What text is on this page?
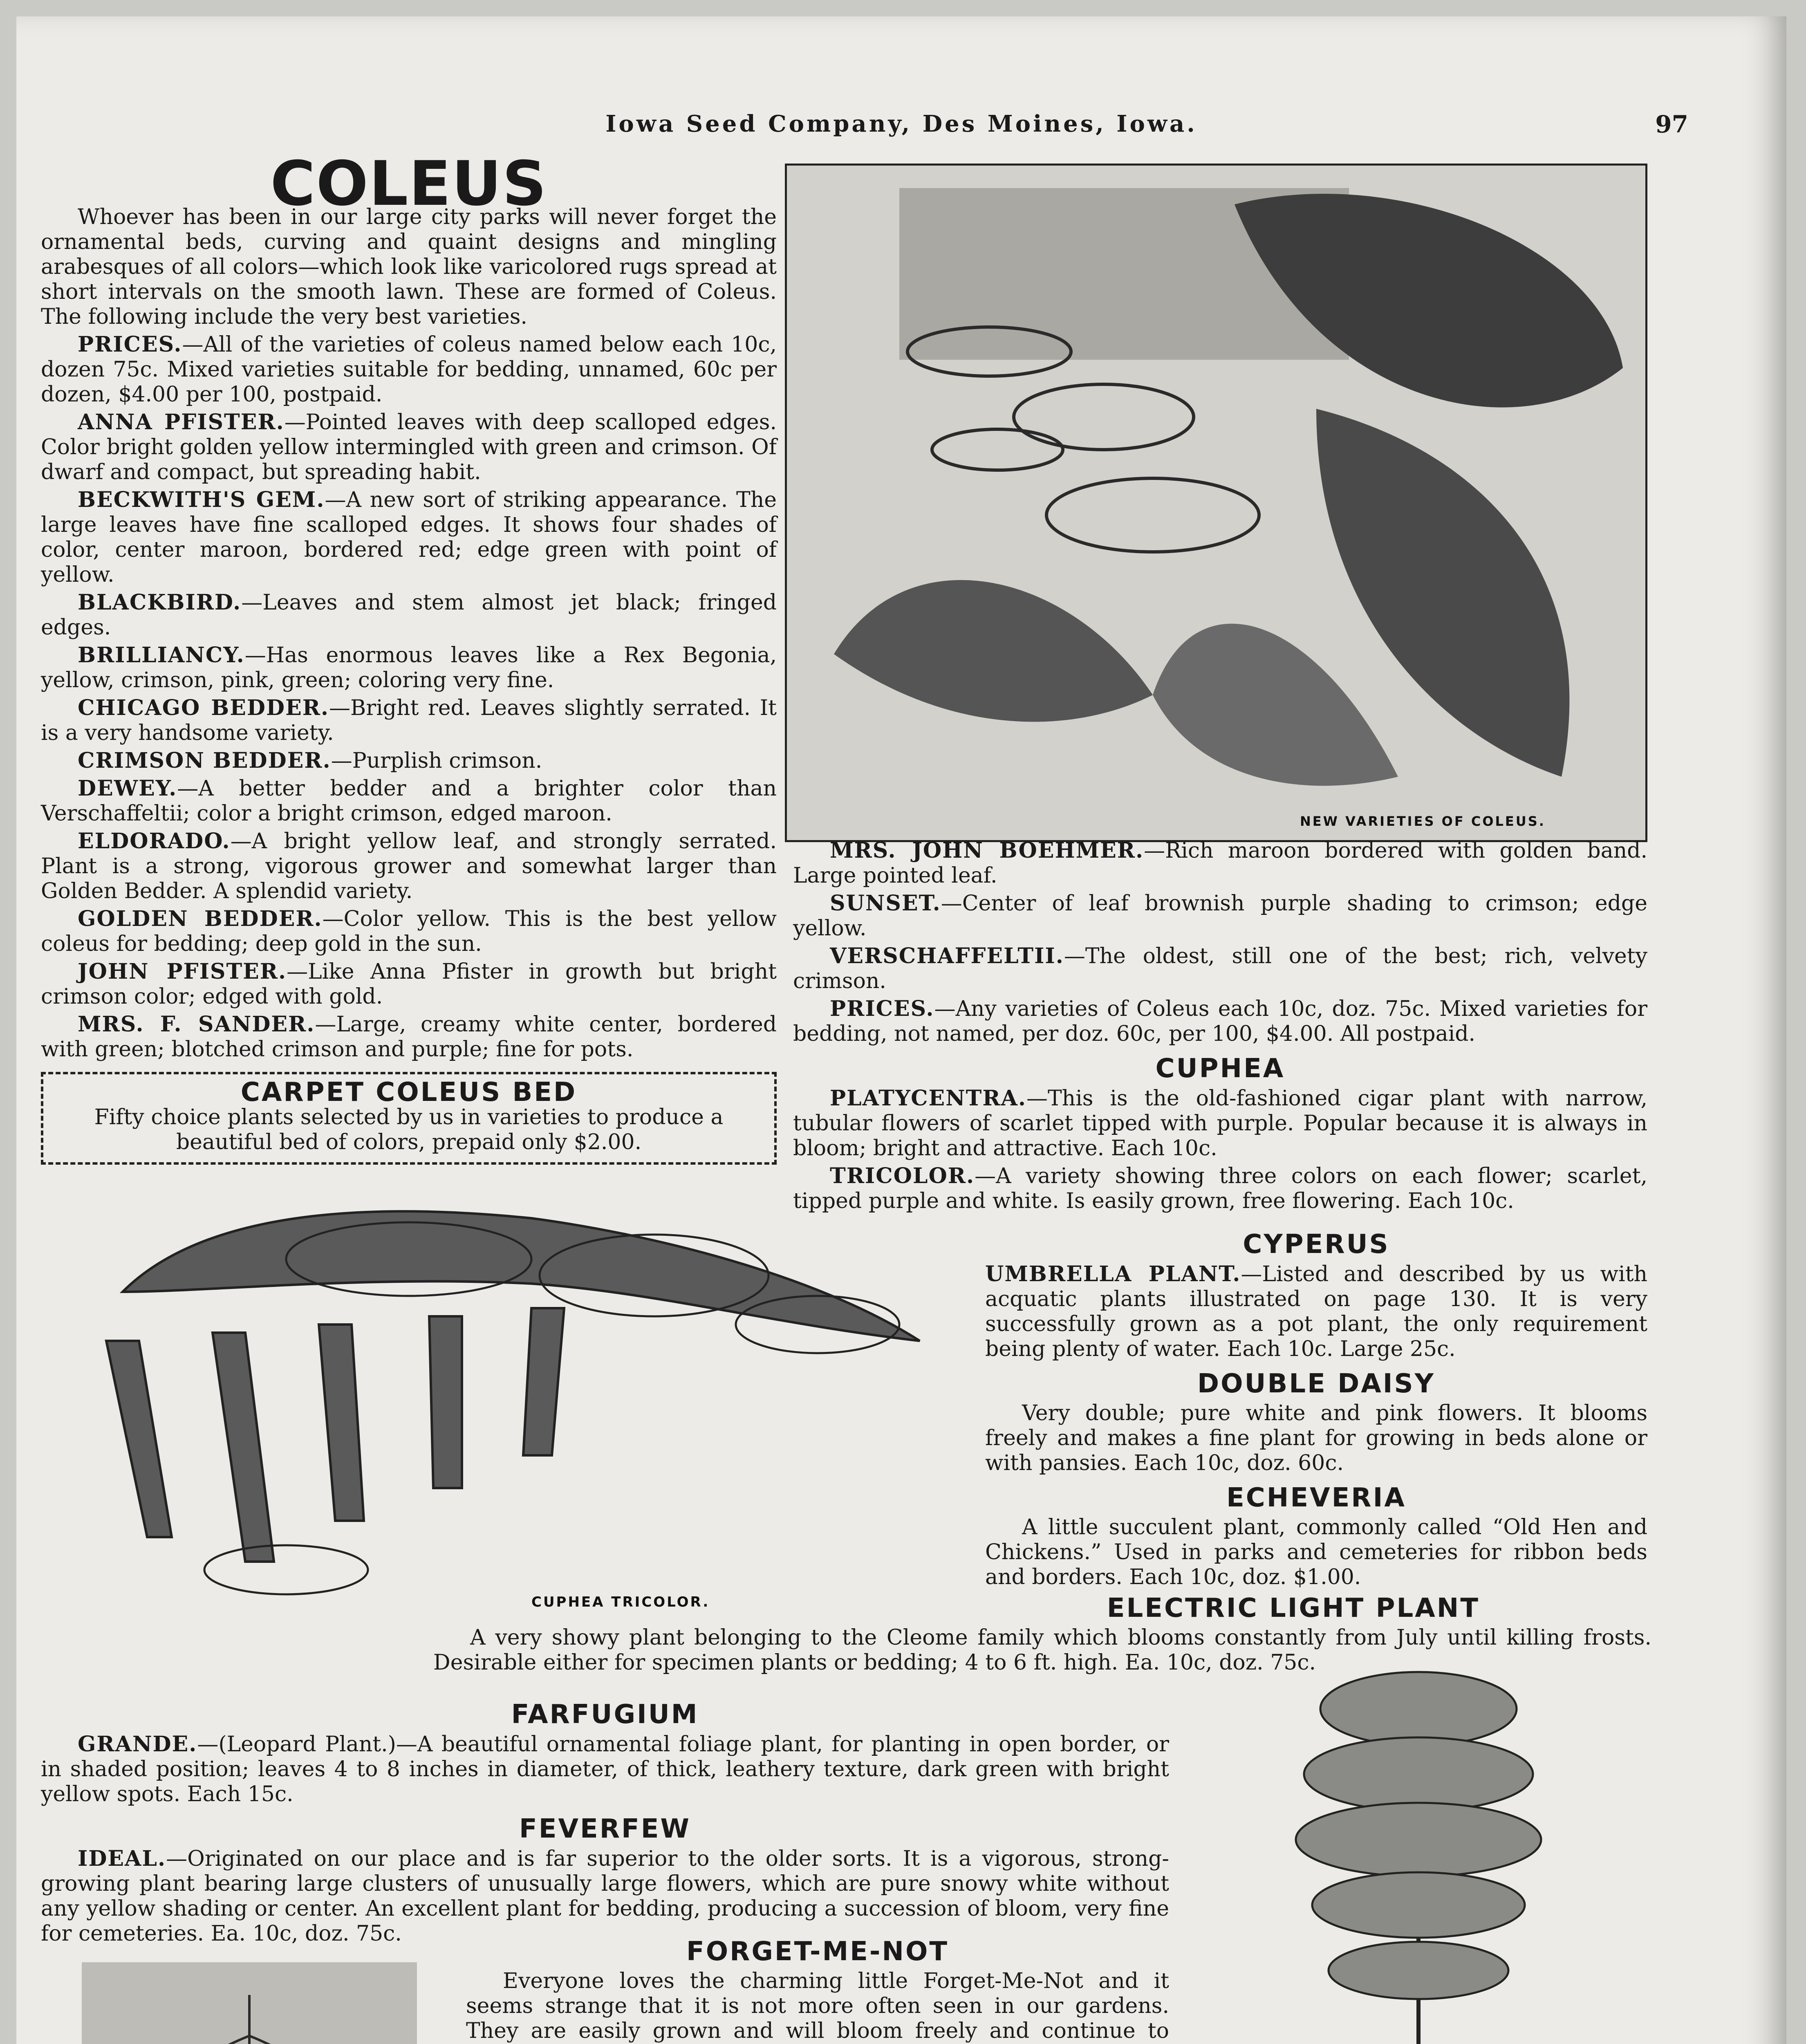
Iowa Seed Company, Des Moines, Iowa.	97
COLEUS

Whoever has been in our large city parks will never forget the ornamental beds, curving and quaint designs and mingling arabesques of all colors—which look like varicolored rugs spread at short intervals on the smooth lawn. These are formed of Coleus. The following include the very best varieties.

PRICES.—All of the varieties of coleus named below each 10c, dozen 75c. Mixed varieties suitable for bedding, unnamed, 60c per dozen, $4.00 per 100, postpaid.

ANNA PFISTER.—Pointed leaves with deep scalloped edges. Color bright golden yellow intermingled with green and crimson. Of dwarf and compact, but spreading habit.

BECKWITH'S GEM.—A new sort of striking appearance. The large leaves have fine scalloped edges. It shows four shades of color, center maroon, bordered red; edge green with point of yellow.

BLACKBIRD.—Leaves and stem almost jet black; fringed edges.

BRILLIANCY.—Has enormous leaves like a Rex Begonia, yellow, crimson, pink, green; coloring very fine.

CHICAGO BEDDER.—Bright red. Leaves slightly serrated. It is a very handsome variety.

CRIMSON BEDDER.—Purplish crimson.

DEWEY.—A better bedder and a brighter color than Verschaffeltii; color a bright crimson, edged maroon.

ELDORADO.—A bright yellow leaf, and strongly serrated. Plant is a strong, vigorous grower and somewhat larger than Golden Bedder. A splendid variety.

GOLDEN BEDDER.—Color yellow. This is the best yellow coleus for bedding; deep gold in the sun.

JOHN PFISTER.—Like Anna Pfister in growth but bright crimson color; edged with gold.

MRS. F. SANDER.—Large, creamy white center, bordered with green; blotched crimson and purple; fine for pots.

CARPET COLEUS BED
Fifty choice plants selected by us in varieties to produce a beautiful bed of colors, prepaid only $2.00.
NEW VARIETIES OF COLEUS.

MRS. JOHN BOEHMER.—Rich maroon bordered with golden band. Large pointed leaf.

SUNSET.—Center of leaf brownish purple shading to crimson; edge yellow.

VERSCHAFFELTII.—The oldest, still one of the best; rich, velvety crimson.

PRICES.—Any varieties of Coleus each 10c, doz. 75c. Mixed varieties for bedding, not named, per doz. 60c, per 100, $4.00. All postpaid.

CUPHEA

PLATYCENTRA.—This is the old-fashioned cigar plant with narrow, tubular flowers of scarlet tipped with purple. Popular because it is always in bloom; bright and attractive. Each 10c.

TRICOLOR.—A variety showing three colors on each flower; scarlet, tipped purple and white. Is easily grown, free flowering. Each 10c.

CYPERUS

UMBRELLA PLANT.—Listed and described by us with acquatic plants illustrated on page 130. It is very successfully grown as a pot plant, the only requirement being plenty of water. Each 10c. Large 25c.

DOUBLE DAISY

Very double; pure white and pink flowers. It blooms freely and makes a fine plant for growing in beds alone or with pansies. Each 10c, doz. 60c.

ECHEVERIA

A little succulent plant, commonly called “Old Hen and Chickens.” Used in parks and cemeteries for ribbon beds and borders. Each 10c, doz. $1.00.

CUPHEA TRICOLOR.	ELECTRIC LIGHT PLANT

A very showy plant belonging to the Cleome family which blooms constantly from July until killing frosts. Desirable either for specimen plants or bedding; 4 to 6 ft. high. Ea. 10c, doz. 75c.

FARFUGIUM

GRANDE.—(Leopard Plant.)—A beautiful ornamental foliage plant, for planting in open border, or in shaded position; leaves 4 to 8 inches in diameter, of thick, leathery texture, dark green with bright yellow spots. Each 15c.

FEVERFEW

IDEAL.—Originated on our place and is far superior to the older sorts. It is a vigorous, strong-growing plant bearing large clusters of unusually large flowers, which are pure snowy white without any yellow shading or center. An excellent plant for bedding, producing a succession of bloom, very fine for cemeteries. Ea. 10c, doz. 75c.

FORGET-ME-NOT

Everyone loves the charming little Forget-Me-Not and it seems strange that it is not more often seen in our gardens. They are easily grown and will bloom freely and continue to
